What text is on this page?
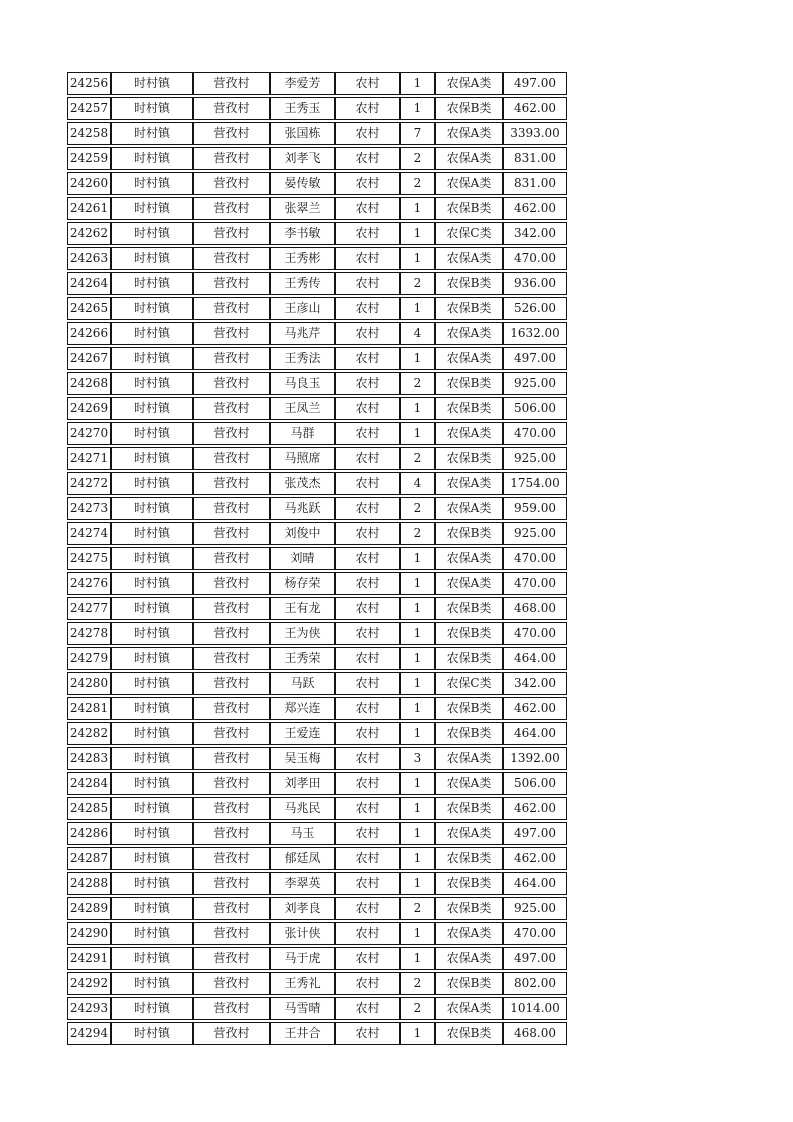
24256	时村镇	营孜村	李爱芳	农村	1	农保A类	497.00
24257	时村镇	营孜村	王秀玉	农村	1	农保B类	462.00
24258	时村镇	营孜村	张国栋	农村	7	农保A类	3393.00
24259	时村镇	营孜村	刘孝飞	农村	2	农保A类	831.00
24260	时村镇	营孜村	晏传敏	农村	2	农保A类	831.00
24261	时村镇	营孜村	张翠兰	农村	1	农保B类	462.00
24262	时村镇	营孜村	李书敏	农村	1	农保C类	342.00
24263	时村镇	营孜村	王秀彬	农村	1	农保A类	470.00
24264	时村镇	营孜村	王秀传	农村	2	农保B类	936.00
24265	时村镇	营孜村	王彦山	农村	1	农保B类	526.00
24266	时村镇	营孜村	马兆芹	农村	4	农保A类	1632.00
24267	时村镇	营孜村	王秀法	农村	1	农保A类	497.00
24268	时村镇	营孜村	马良玉	农村	2	农保B类	925.00
24269	时村镇	营孜村	王凤兰	农村	1	农保B类	506.00
24270	时村镇	营孜村	马群	农村	1	农保A类	470.00
24271	时村镇	营孜村	马照席	农村	2	农保B类	925.00
24272	时村镇	营孜村	张茂杰	农村	4	农保A类	1754.00
24273	时村镇	营孜村	马兆跃	农村	2	农保A类	959.00
24274	时村镇	营孜村	刘俊中	农村	2	农保B类	925.00
24275	时村镇	营孜村	刘晴	农村	1	农保A类	470.00
24276	时村镇	营孜村	杨存荣	农村	1	农保A类	470.00
24277	时村镇	营孜村	王有龙	农村	1	农保B类	468.00
24278	时村镇	营孜村	王为侠	农村	1	农保B类	470.00
24279	时村镇	营孜村	王秀荣	农村	1	农保B类	464.00
24280	时村镇	营孜村	马跃	农村	1	农保C类	342.00
24281	时村镇	营孜村	郑兴连	农村	1	农保B类	462.00
24282	时村镇	营孜村	王爱连	农村	1	农保B类	464.00
24283	时村镇	营孜村	吴玉梅	农村	3	农保A类	1392.00
24284	时村镇	营孜村	刘孝田	农村	1	农保A类	506.00
24285	时村镇	营孜村	马兆民	农村	1	农保B类	462.00
24286	时村镇	营孜村	马玉	农村	1	农保A类	497.00
24287	时村镇	营孜村	郁廷凤	农村	1	农保B类	462.00
24288	时村镇	营孜村	李翠英	农村	1	农保B类	464.00
24289	时村镇	营孜村	刘孝良	农村	2	农保B类	925.00
24290	时村镇	营孜村	张计侠	农村	1	农保A类	470.00
24291	时村镇	营孜村	马于虎	农村	1	农保A类	497.00
24292	时村镇	营孜村	王秀礼	农村	2	农保B类	802.00
24293	时村镇	营孜村	马雪晴	农村	2	农保A类	1014.00
24294	时村镇	营孜村	王井合	农村	1	农保B类	468.00
